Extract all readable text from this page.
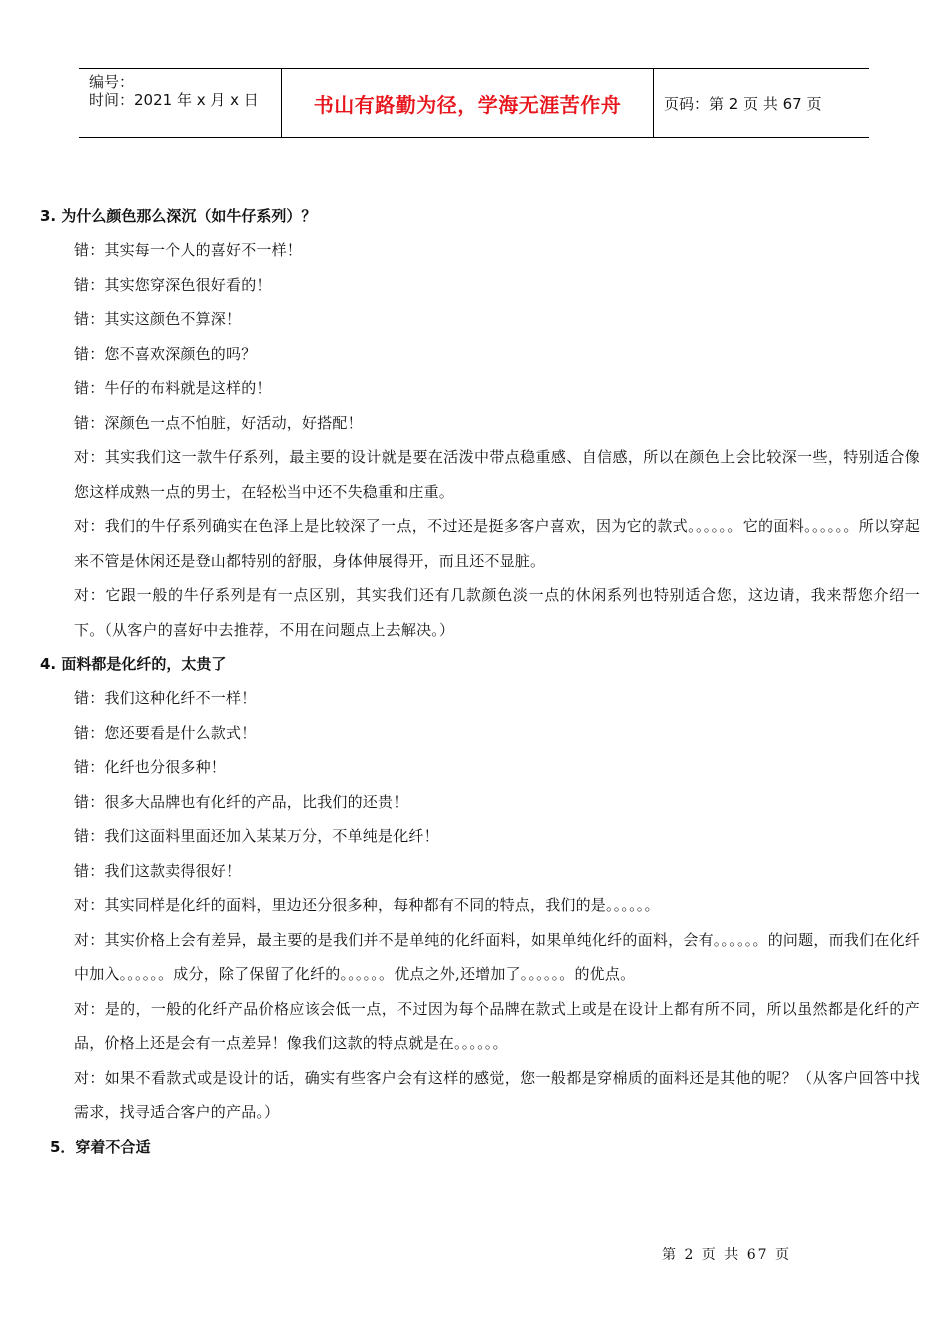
编号：
时间：2021 年 x 月 x 日	书山有路勤为径，学海无涯苦作舟	页码：第 2 页 共 67 页
3. 为什么颜色那么深沉（如牛仔系列）？
错：其实每一个人的喜好不一样！
错：其实您穿深色很好看的！
错：其实这颜色不算深！
错：您不喜欢深颜色的吗？
错：牛仔的布料就是这样的！
错：深颜色一点不怕脏，好活动，好搭配！
对：其实我们这一款牛仔系列，最主要的设计就是要在活泼中带点稳重感、自信感，所以在颜色上会比较深一些，特别适合像您这样成熟一点的男士，在轻松当中还不失稳重和庄重。
对：我们的牛仔系列确实在色泽上是比较深了一点，不过还是挺多客户喜欢，因为它的款式。。。。。。它的面料。。。。。。所以穿起来不管是休闲还是登山都特别的舒服，身体伸展得开，而且还不显脏。
对：它跟一般的牛仔系列是有一点区别，其实我们还有几款颜色淡一点的休闲系列也特别适合您，这边请，我来帮您介绍一下。（从客户的喜好中去推荐，不用在问题点上去解决。）
4. 面料都是化纤的，太贵了
错：我们这种化纤不一样！
错：您还要看是什么款式！
错：化纤也分很多种！
错：很多大品牌也有化纤的产品，比我们的还贵！
错：我们这面料里面还加入某某万分，不单纯是化纤！
错：我们这款卖得很好！
对：其实同样是化纤的面料，里边还分很多种，每种都有不同的特点，我们的是。。。。。。
对：其实价格上会有差异，最主要的是我们并不是单纯的化纤面料，如果单纯化纤的面料，会有。。。。。。的问题，而我们在化纤中加入。。。。。。成分，除了保留了化纤的。。。。。。优点之外,还增加了。。。。。。的优点。
对：是的，一般的化纤产品价格应该会低一点，不过因为每个品牌在款式上或是在设计上都有所不同，所以虽然都是化纤的产品，价格上还是会有一点差异！像我们这款的特点就是在。。。。。。
对：如果不看款式或是设计的话，确实有些客户会有这样的感觉，您一般都是穿棉质的面料还是其他的呢？（从客户回答中找需求，找寻适合客户的产品。）
5．穿着不合适
第 2 页 共 67 页
